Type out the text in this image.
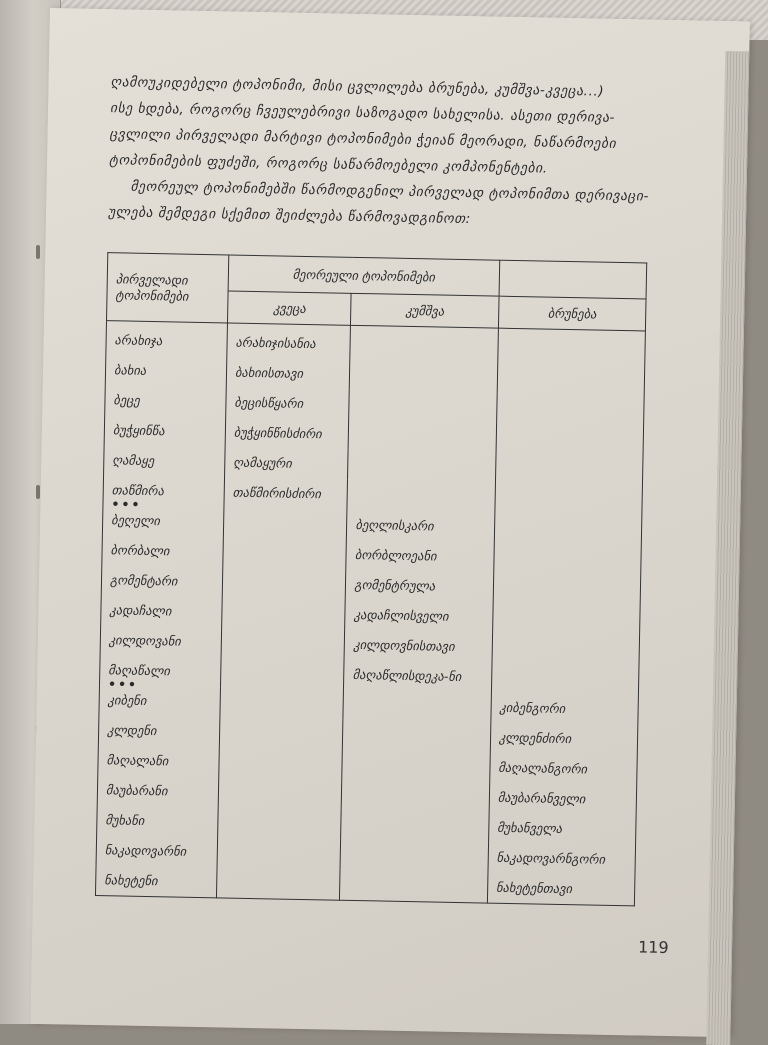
ღამოუკიდებელი ტოპონიმი, მისი ცვლილება ბრუნება, კუმშვა-კვეცა...)

ისე ხდება, როგორც ჩვეულებრივი საზოგადო სახელისა. ასეთი დერივა-

ცვლილი პირველადი მარტივი ტოპონიმები ჭეიან მეორადი, ნაწარმოები

ტოპონიმების ფუძეში, როგორც საწარმოებელი კომპონენტები.

მეორეულ ტოპონიმებში წარმოდგენილ პირველად ტოპონიმთა დერივაცი-

ულება შემდეგი სქემით შეიძლება წარმოვადგინოთ:

პირველადი ტოპონიმები	მეორეული ტოპონიმები		
	კვეცა	კუმშვა	ბრუნება
არახიჯა	არახიჯისანია		
ბახია	ბახიისთავი		
ბეცე	ბეცისწყარი		
ბუჭყინწა	ბუჭყინწისძირი		
ღამაყე	ღამაყური		
თაწმირა	თაწმირისძირი		

•••
ბეღელი		ბეღლისკარი	
ბორბალი		ბორბლოეანი	
გომენტარი		გომენტრულა	
კადაჩალი		კადაჩლისველი	
კილდოვანი		კილდოვნისთავი	
მაღაწალი		მაღაწლისდეკა-ნი	

•••
კიბენი			კიბენგორი
კლდენი			კლდენძირი
მაღალანი			მაღალანგორი
მაუბარანი			მაუბარანველი
მუხანი			მუხანველა
ნაკადოვარნი			ნაკადოვარნგორი
ნახეტენი			ნახეტენთავი
119
